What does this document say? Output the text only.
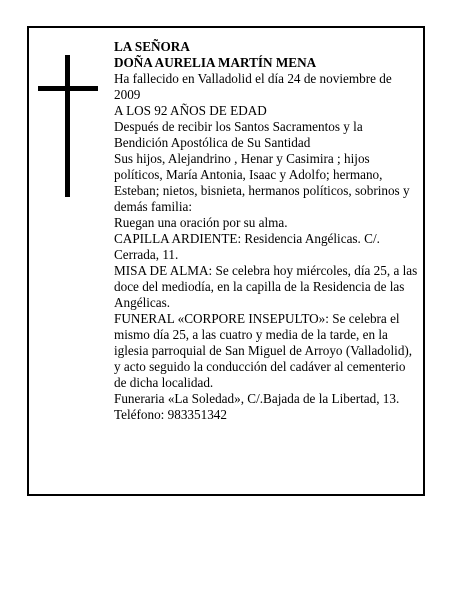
LA SEÑORA

DOÑA AURELIA MARTÍN MENA

Ha fallecido en Valladolid el día 24 de noviembre de 2009

A LOS 92 AÑOS DE EDAD

Después de recibir los Santos Sacramentos y la Bendición Apostólica de Su Santidad

Sus hijos, Alejandrino , Henar y Casimira ; hijos políticos, María Antonia, Isaac y Adolfo; hermano, Esteban; nietos, bisnieta, hermanos políticos, sobrinos y demás familia:

Ruegan una oración por su alma.

CAPILLA ARDIENTE: Residencia Angélicas. C/. Cerrada, 11.

MISA DE ALMA: Se celebra hoy miércoles, día 25, a las doce del mediodía, en la capilla de la Residencia de las Angélicas.

FUNERAL «CORPORE INSEPULTO»: Se celebra el mismo día 25, a las cuatro y media de la tarde, en la iglesia parroquial de San Miguel de Arroyo (Valladolid), y acto seguido la conducción del cadáver al cementerio de dicha localidad.

Funeraria «La Soledad», C/.Bajada de la Libertad, 13. Teléfono: 983351342
